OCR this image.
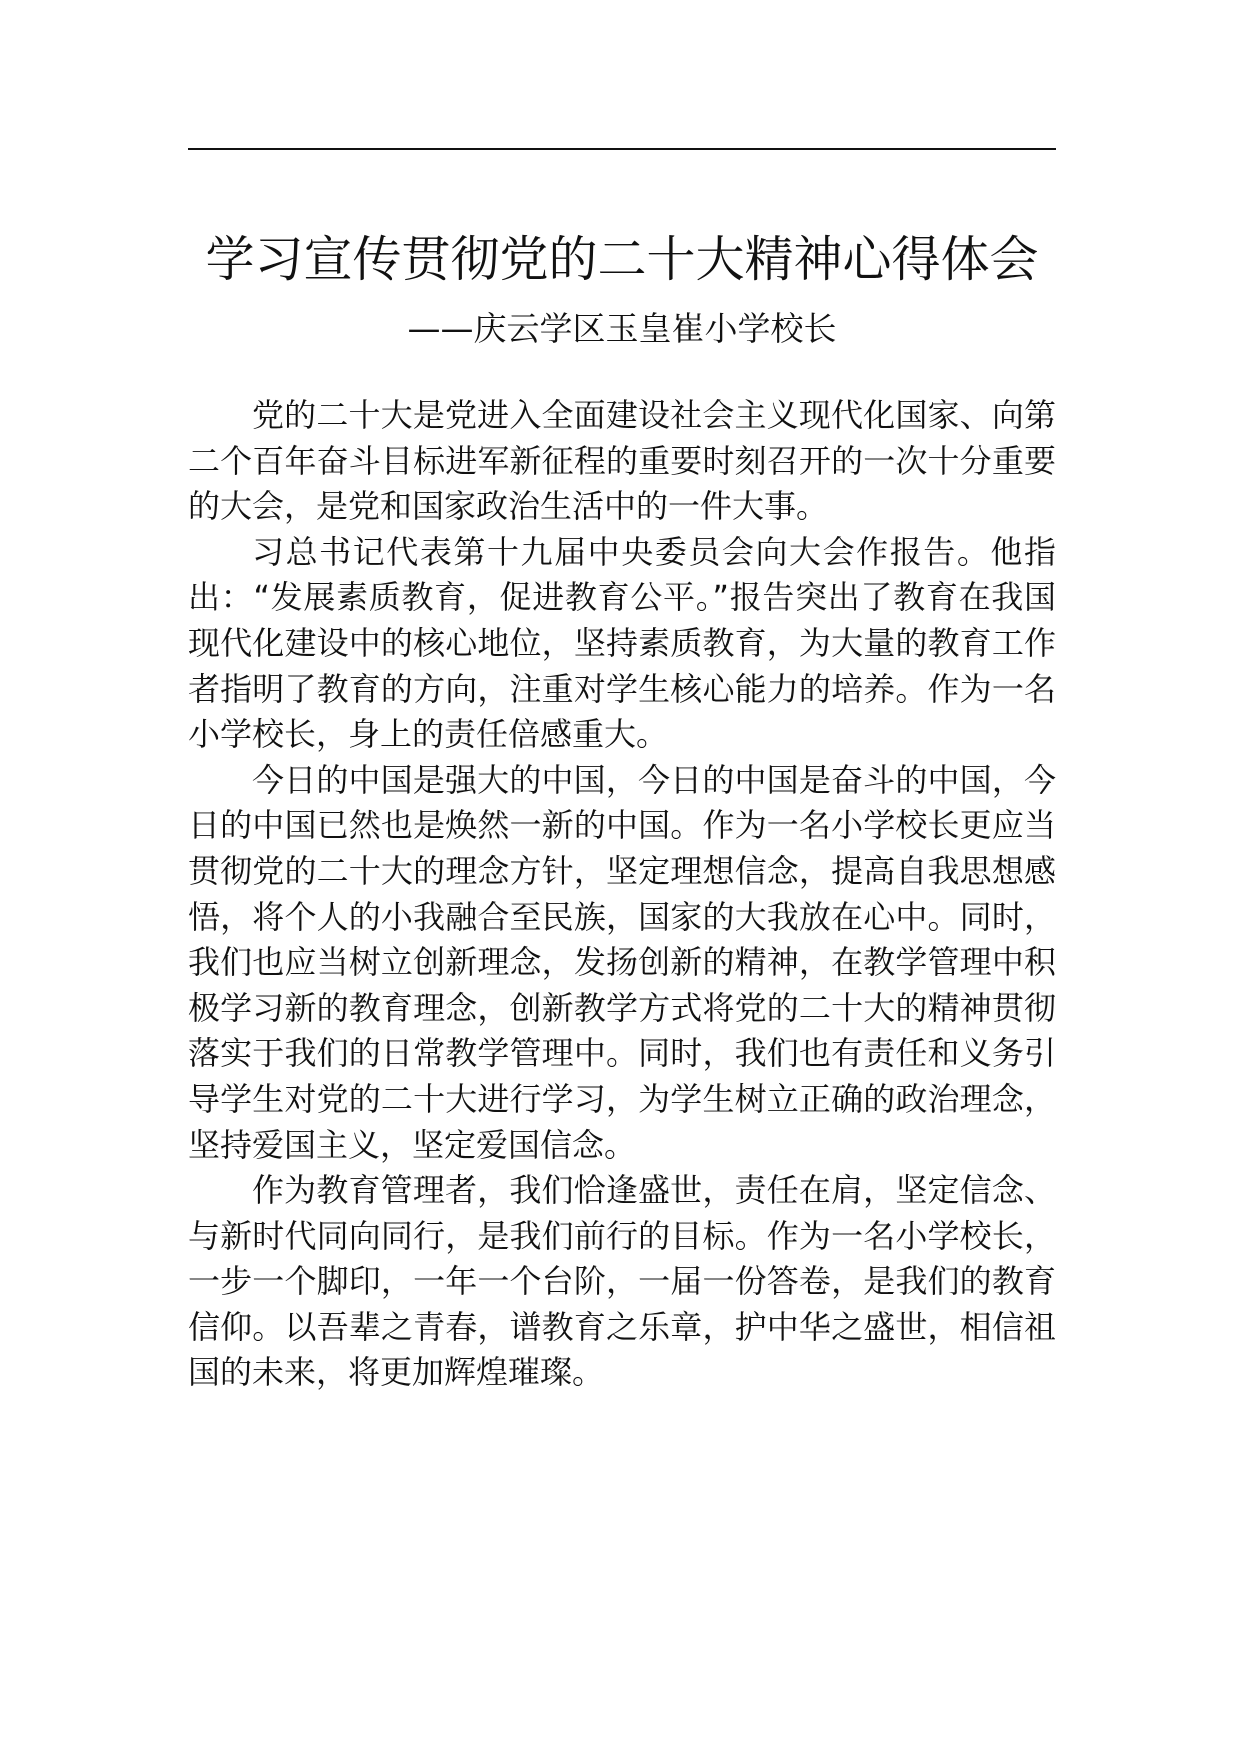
学习宣传贯彻党的二十大精神心得体会
——庆云学区玉皇崔小学校长

党的二十大是党进入全面建设社会主义现代化国家、向第二个百年奋斗目标进军新征程的重要时刻召开的一次十分重要的大会，是党和国家政治生活中的一件大事。

习总书记代表第十九届中央委员会向大会作报告。他指出：“发展素质教育，促进教育公平。”报告突出了教育在我国现代化建设中的核心地位，坚持素质教育，为大量的教育工作者指明了教育的方向，注重对学生核心能力的培养。作为一名小学校长，身上的责任倍感重大。

今日的中国是强大的中国，今日的中国是奋斗的中国，今日的中国已然也是焕然一新的中国。作为一名小学校长更应当贯彻党的二十大的理念方针，坚定理想信念，提高自我思想感悟，将个人的小我融合至民族，国家的大我放在心中。同时，我们也应当树立创新理念，发扬创新的精神，在教学管理中积极学习新的教育理念，创新教学方式将党的二十大的精神贯彻落实于我们的日常教学管理中。同时，我们也有责任和义务引导学生对党的二十大进行学习，为学生树立正确的政治理念，坚持爱国主义，坚定爱国信念。

作为教育管理者，我们恰逢盛世，责任在肩，坚定信念、与新时代同向同行，是我们前行的目标。作为一名小学校长，一步一个脚印，一年一个台阶，一届一份答卷，是我们的教育信仰。以吾辈之青春，谱教育之乐章，护中华之盛世，相信祖国的未来，将更加辉煌璀璨。
